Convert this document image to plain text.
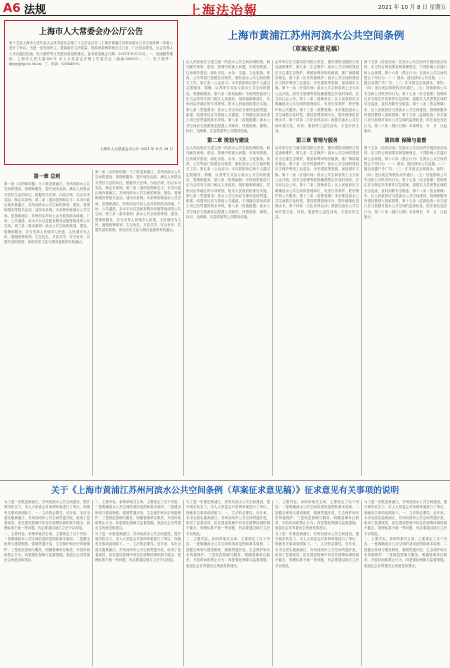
A6 法规	上海法治報	2021 年 10 月 8 日 星期五
上海市人大常委会办公厅公告
第十五届上海市人民代表大会常务委员会第三十五次会议对《上海市黄浦江苏州河滨水公共空间条例（草案）》进行了审议。为进一步发扬民主，提高地方立法质量，现将该条例草案全文公布，广泛征求意见。社会各界人士可以通过信函、电子邮件等方式提出意见和建议。征求意见截止日期：2021年10月13日。一、信函邮寄地址：上海市人民大道200号 市人大常委会法制工作委员会（邮编200003）；二、电子邮件：fgsyy@spcsc.sh.cn；三、传真：63584599。
上海市人大常委会办公厅 2021 年 9 月 28 日
上海市黄浦江苏州河滨水公共空间条例
（草案征求意见稿）
第一章 总则
第一条（目的和依据）为了推进黄浦江、苏州河滨水公共空间的建设、管理和服务，提升城市品质，满足人民群众对美好生活的向往，根据有关法律、行政法规，结合本市实际，制定本条例。第二条（适用范围和定义）本市行政区域内黄浦江、苏州河滨水公共空间的规划、建设、管理和服务等相关活动，适用本条例。本条例所称滨水公共空间，是指黄浦江、苏州河沿岸向公众开放的滨水绿地、广场、公共通道、亲水平台以及配套服务设施等组成的公共空间。第三条（基本原则）滨水公共空间的规划、建设、管理和服务，应当坚持人民城市人民建、人民城市为人民，遵循统筹规划、生态优先、开放共享、安全有序、共建共治的原则，体现历史文化与城市更新的有机融合。
第一条（目的和依据）为了推进黄浦江、苏州河滨水公共空间的建设、管理和服务，提升城市品质，满足人民群众对美好生活的向往，根据有关法律、行政法规，结合本市实际，制定本条例。第二条（适用范围和定义）本市行政区域内黄浦江、苏州河滨水公共空间的规划、建设、管理和服务等相关活动，适用本条例。本条例所称滨水公共空间，是指黄浦江、苏州河沿岸向公众开放的滨水绿地、广场、公共通道、亲水平台以及配套服务设施等组成的公共空间。第三条（基本原则）滨水公共空间的规划、建设、管理和服务，应当坚持人民城市人民建、人民城市为人民，遵循统筹规划、生态优先、开放共享、安全有序、共建共治的原则，体现历史文化与城市更新的有机融合。
区人民政府应当建立统一的滨水公共空间协调机制，研究解决规划、建设、管理中的重大问题。市规划资源、住房城乡建设、绿化市容、水务、交通、文化旅游、体育、公安等部门按照各自职责，做好滨水公共空间的相关工作。第五条（公众参与）本市鼓励单位和个人通过志愿服务、捐赠、认养等方式参与滨水公共空间的建设、管理和服务。第六条（规划编制）市规划资源部门应当会同有关部门和区人民政府，组织编制黄浦江、苏州河沿岸地区的专项规划，报市人民政府批准后实施。第七条（贯通要求）滨水公共空间应当保持连续贯通。新建、改建项目应当预留公共通道，不得擅自封闭或者占用已经贯通的滨水岸线。第八条（设施配置）滨水公共空间应当按照规定配置公共厕所、休憩座椅、照明、标识、无障碍、应急救援等公共服务设施。
第二章 规划与建设
区人民政府应当建立统一的滨水公共空间协调机制，研究解决规划、建设、管理中的重大问题。市规划资源、住房城乡建设、绿化市容、水务、交通、文化旅游、体育、公安等部门按照各自职责，做好滨水公共空间的相关工作。第五条（公众参与）本市鼓励单位和个人通过志愿服务、捐赠、认养等方式参与滨水公共空间的建设、管理和服务。第六条（规划编制）市规划资源部门应当会同有关部门和区人民政府，组织编制黄浦江、苏州河沿岸地区的专项规划，报市人民政府批准后实施。第七条（贯通要求）滨水公共空间应当保持连续贯通。新建、改建项目应当预留公共通道，不得擅自封闭或者占用已经贯通的滨水岸线。第八条（设施配置）滨水公共空间应当按照规定配置公共厕所、休憩座椅、照明、标识、无障碍、应急救援等公共服务设施。
沿岸单位应当落实防汛防台责任，做好堤防设施的日常巡查和维护。第九条（生态保护）滨水公共空间的建设应当注重生态保护，保留和利用现有植被，推广海绵城市理念。第十条（历史风貌保护）滨水公共空间的建设应当保护利用工业遗存、历史建筑等资源，延续城市文脉。第十一条（开放时间）滨水公共空间原则上全天向公众开放。因安全管理等原因确需限定开放时间的，应当向社会公布。第十二条（管理单位）区人民政府应当明确滨水公共空间的管理单位，负责日常养护、秩序维护和公共服务。第十三条（智慧管理）本市推进滨水公共空间数字化转型，建设智慧管理平台，提升精细化管理水平。第十四条（文化体育活动）鼓励在滨水公共空间开展文化、体育、旅游等公益性活动，丰富市民生活。
第三章 管理与服务
沿岸单位应当落实防汛防台责任，做好堤防设施的日常巡查和维护。第九条（生态保护）滨水公共空间的建设应当注重生态保护，保留和利用现有植被，推广海绵城市理念。第十条（历史风貌保护）滨水公共空间的建设应当保护利用工业遗存、历史建筑等资源，延续城市文脉。第十一条（开放时间）滨水公共空间原则上全天向公众开放。因安全管理等原因确需限定开放时间的，应当向社会公布。第十二条（管理单位）区人民政府应当明确滨水公共空间的管理单位，负责日常养护、秩序维护和公共服务。第十三条（智慧管理）本市推进滨水公共空间数字化转型，建设智慧管理平台，提升精细化管理水平。第十四条（文化体育活动）鼓励在滨水公共空间开展文化、体育、旅游等公益性活动，丰富市民生活。
第十五条（经营活动）在滨水公共空间内开展经营活动的，应当符合规划要求和管理规定，不得影响公共通行和公众休憩。第十六条（禁止行为）在滨水公共空间内禁止下列行为：（一）损坏、擅自移动公共设施；（二）擅自设置户外广告；（三）在非指定区域游泳、垂钓；（四）违反规定驾驶机动车通行；（五）其他影响公共安全和公共秩序的行为。第十七条（安全管理）管理单位应当制定突发事件应急预案，加强对人员密集区域的安全巡查，及时消除安全隐患。第十八条（资金保障）市、区人民政府应当将滨水公共空间建设、管理和服务所需经费纳入财政预算。第十九条（监督检查）有关部门应当加强对滨水公共空间的监督检查，依法查处违法行为。第二十条（施行日期）本条例自　年　月　日起施行。
第四章 保障与监督
第十五条（经营活动）在滨水公共空间内开展经营活动的，应当符合规划要求和管理规定，不得影响公共通行和公众休憩。第十六条（禁止行为）在滨水公共空间内禁止下列行为：（一）损坏、擅自移动公共设施；（二）擅自设置户外广告；（三）在非指定区域游泳、垂钓；（四）违反规定驾驶机动车通行；（五）其他影响公共安全和公共秩序的行为。第十七条（安全管理）管理单位应当制定突发事件应急预案，加强对人员密集区域的安全巡查，及时消除安全隐患。第十八条（资金保障）市、区人民政府应当将滨水公共空间建设、管理和服务所需经费纳入财政预算。第十九条（监督检查）有关部门应当加强对滨水公共空间的监督检查，依法查处违法行为。第二十条（施行日期）本条例自　年　月　日起施行。
关于《上海市黄浦江苏州河滨水公共空间条例（草案征求意见稿）》征求意见有关事项的说明
为了进一步推进黄浦江、苏州河滨水公共空间建设，提升城市软实力，市人大常委会对条例草案进行了审议，现就有关事项说明如下。一、立法的必要性。近年来，本市全面实施黄浦江、苏州河两岸公共空间贯通开放，取得了显著成效，但在建设管理中仍存在统筹协调机制不健全、管理标准不统一等问题，有必要通过地方立法予以规范。
二、主要内容。条例草案共五章，主要规定了以下内容：一是明确滨水公共空间的适用范围和基本原则；二是健全规划与建设制度，强调贯通开放、生态保护和历史风貌保护；三是规范管理与服务，明确管理单位职责、开放时间和禁止行为；四是强化保障与监督措施。欢迎社会各界提出宝贵意见和建议。
二、主要内容。条例草案共五章，主要规定了以下内容：一是明确滨水公共空间的适用范围和基本原则；二是健全规划与建设制度，强调贯通开放、生态保护和历史风貌保护；三是规范管理与服务，明确管理单位职责、开放时间和禁止行为；四是强化保障与监督措施。欢迎社会各界提出宝贵意见和建议。
为了进一步推进黄浦江、苏州河滨水公共空间建设，提升城市软实力，市人大常委会对条例草案进行了审议，现就有关事项说明如下。一、立法的必要性。近年来，本市全面实施黄浦江、苏州河两岸公共空间贯通开放，取得了显著成效，但在建设管理中仍存在统筹协调机制不健全、管理标准不统一等问题，有必要通过地方立法予以规范。
为了进一步推进黄浦江、苏州河滨水公共空间建设，提升城市软实力，市人大常委会对条例草案进行了审议，现就有关事项说明如下。一、立法的必要性。近年来，本市全面实施黄浦江、苏州河两岸公共空间贯通开放，取得了显著成效，但在建设管理中仍存在统筹协调机制不健全、管理标准不统一等问题，有必要通过地方立法予以规范。
二、主要内容。条例草案共五章，主要规定了以下内容：一是明确滨水公共空间的适用范围和基本原则；二是健全规划与建设制度，强调贯通开放、生态保护和历史风貌保护；三是规范管理与服务，明确管理单位职责、开放时间和禁止行为；四是强化保障与监督措施。欢迎社会各界提出宝贵意见和建议。
二、主要内容。条例草案共五章，主要规定了以下内容：一是明确滨水公共空间的适用范围和基本原则；二是健全规划与建设制度，强调贯通开放、生态保护和历史风貌保护；三是规范管理与服务，明确管理单位职责、开放时间和禁止行为；四是强化保障与监督措施。欢迎社会各界提出宝贵意见和建议。
为了进一步推进黄浦江、苏州河滨水公共空间建设，提升城市软实力，市人大常委会对条例草案进行了审议，现就有关事项说明如下。一、立法的必要性。近年来，本市全面实施黄浦江、苏州河两岸公共空间贯通开放，取得了显著成效，但在建设管理中仍存在统筹协调机制不健全、管理标准不统一等问题，有必要通过地方立法予以规范。
为了进一步推进黄浦江、苏州河滨水公共空间建设，提升城市软实力，市人大常委会对条例草案进行了审议，现就有关事项说明如下。一、立法的必要性。近年来，本市全面实施黄浦江、苏州河两岸公共空间贯通开放，取得了显著成效，但在建设管理中仍存在统筹协调机制不健全、管理标准不统一等问题，有必要通过地方立法予以规范。
二、主要内容。条例草案共五章，主要规定了以下内容：一是明确滨水公共空间的适用范围和基本原则；二是健全规划与建设制度，强调贯通开放、生态保护和历史风貌保护；三是规范管理与服务，明确管理单位职责、开放时间和禁止行为；四是强化保障与监督措施。欢迎社会各界提出宝贵意见和建议。
